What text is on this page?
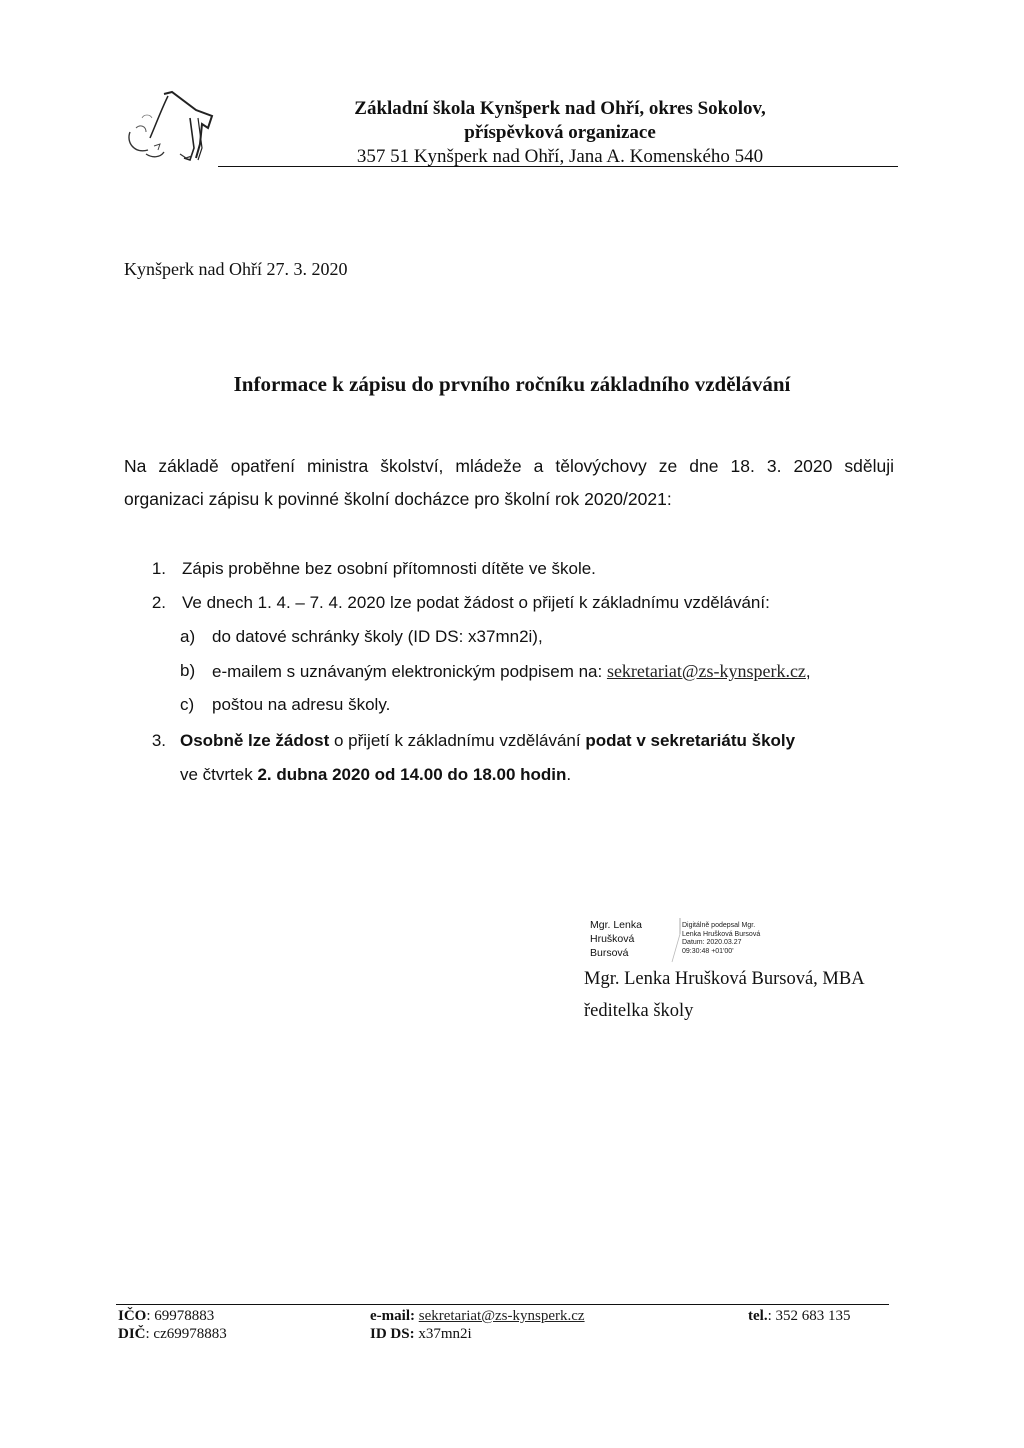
Základní škola Kynšperk nad Ohří, okres Sokolov,
příspěvková organizace
357 51 Kynšperk nad Ohří, Jana A. Komenského 540
Kynšperk nad Ohří 27. 3. 2020
Informace k zápisu do prvního ročníku základního vzdělávání
Na základě opatření ministra školství, mládeže a tělovýchovy ze dne 18. 3. 2020 sděluji
organizaci zápisu k povinné školní docházce pro školní rok 2020/2021:
1. Zápis proběhne bez osobní přítomnosti dítěte ve škole.
2. Ve dnech 1. 4. – 7. 4. 2020 lze podat žádost o přijetí k základnímu vzdělávání:
a) do datové schránky školy (ID DS: x37mn2i),
b) e-mailem s uznávaným elektronickým podpisem na: sekretariat@zs-kynsperk.cz,
c) poštou na adresu školy.
3. Osobně lze žádost o přijetí k základnímu vzdělávání podat v sekretariátu školy
ve čtvrtek 2. dubna 2020 od 14.00 do 18.00 hodin.
Mgr. Lenka
Hrušková
Bursová
Digitálně podepsal Mgr.
Lenka Hrušková Bursová
Datum: 2020.03.27
09:30:48 +01'00'
Mgr. Lenka Hrušková Bursová, MBA
ředitelka školy
IČO: 69978883
DIČ: cz69978883
e-mail: sekretariat@zs-kynsperk.cz
ID DS: x37mn2i
tel.: 352 683 135
